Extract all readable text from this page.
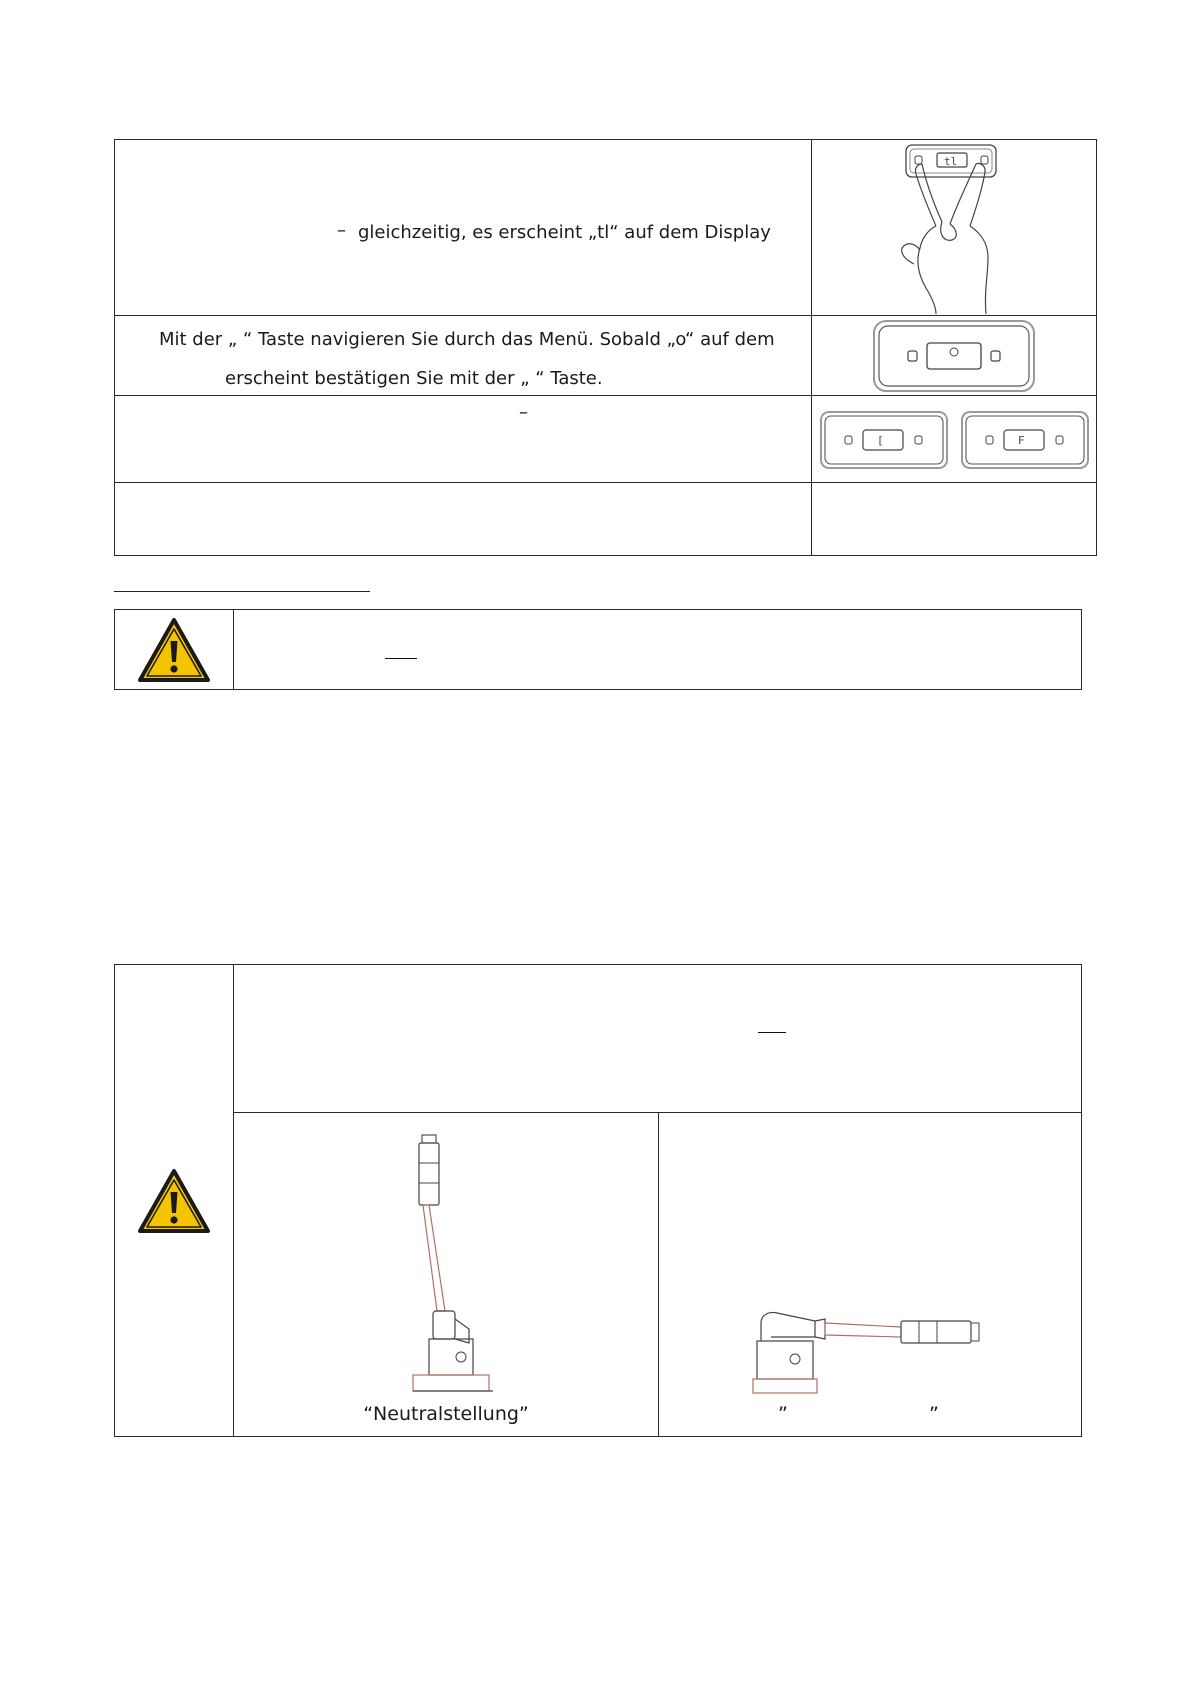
– gleichzeitig, es erscheint „tl“ auf dem Display	tl

Mit der „ “ Taste navigieren Sie durch das Menü. Sobald „o“ auf dem
erscheint bestätigen Sie mit der „ “ Taste.

–	[ F

	“Neutralstellung”	” ”
